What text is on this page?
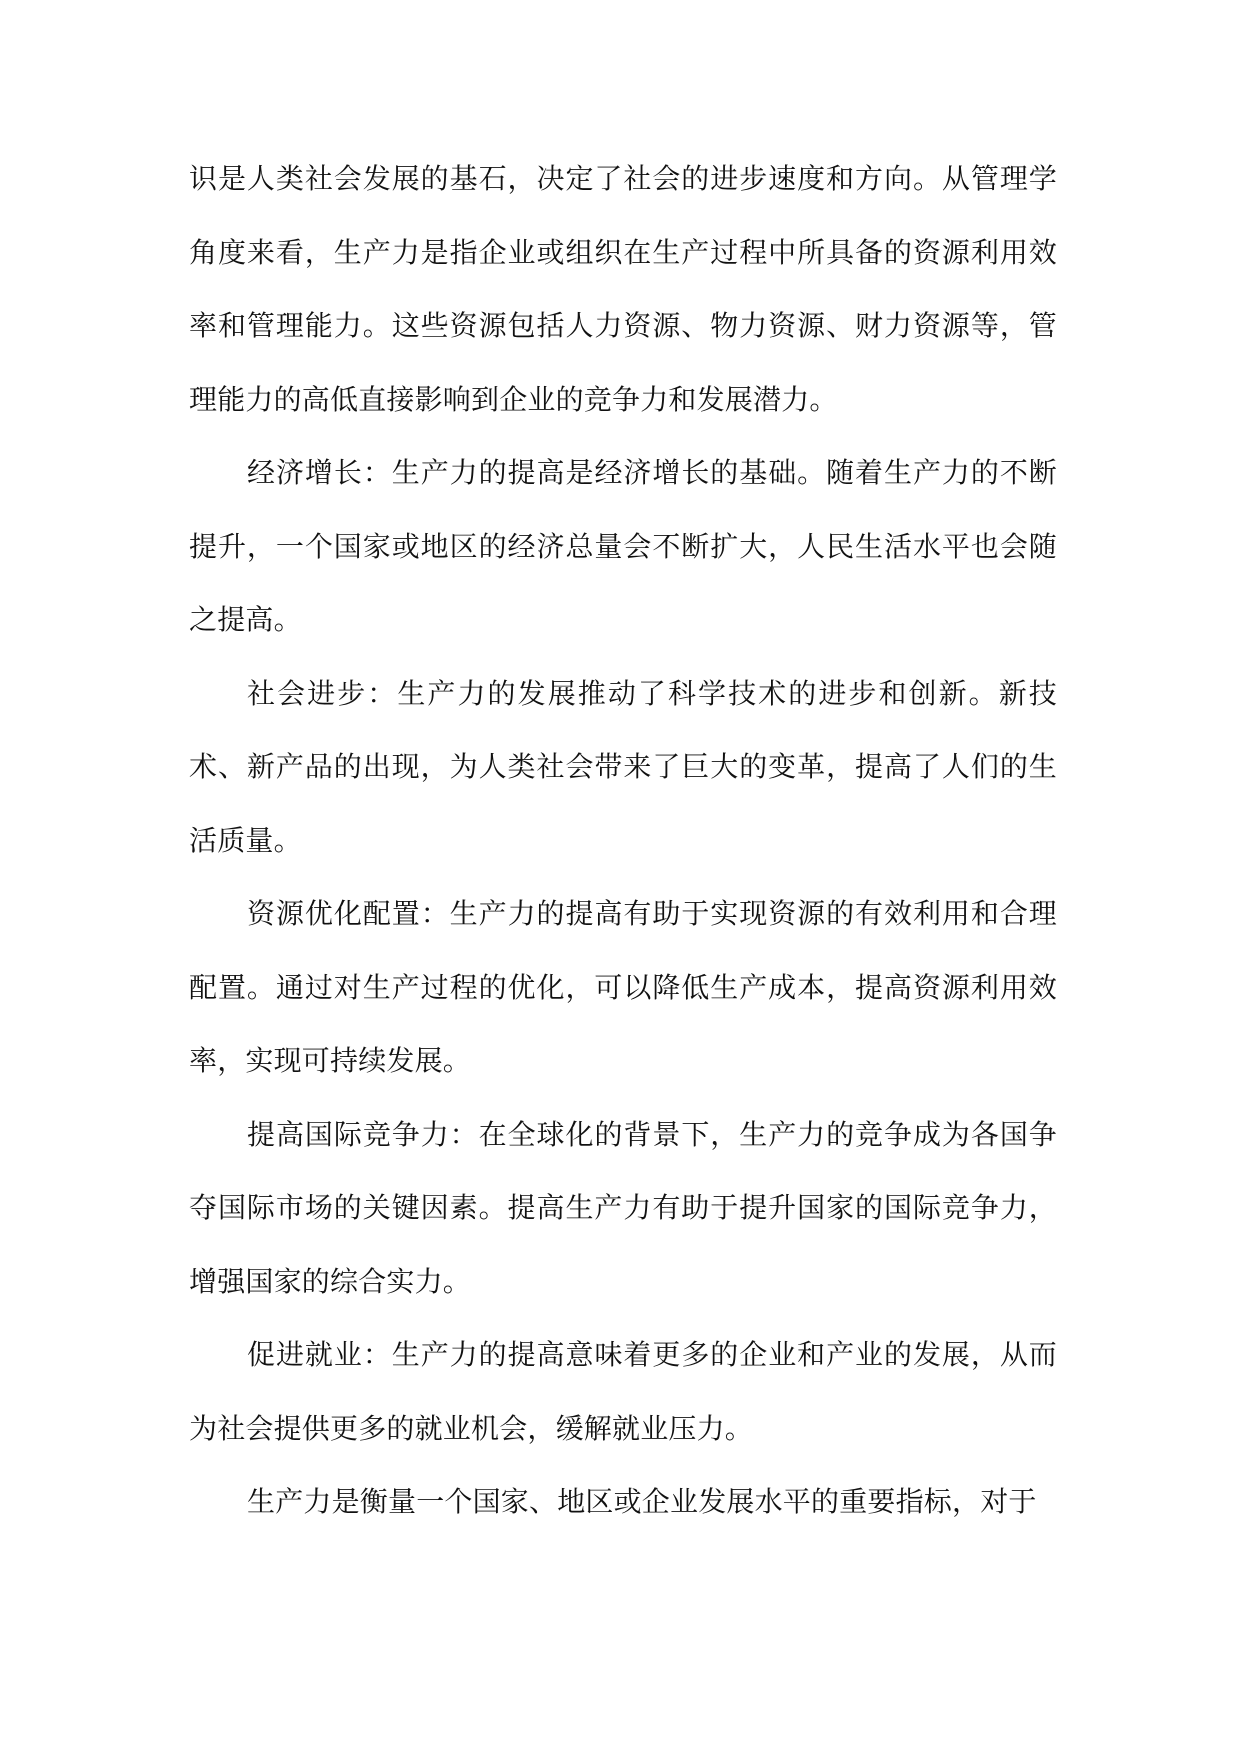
识是人类社会发展的基石，决定了社会的进步速度和方向。从管理学角度来看，生产力是指企业或组织在生产过程中所具备的资源利用效率和管理能力。这些资源包括人力资源、物力资源、财力资源等，管理能力的高低直接影响到企业的竞争力和发展潜力。

经济增长：生产力的提高是经济增长的基础。随着生产力的不断提升，一个国家或地区的经济总量会不断扩大，人民生活水平也会随之提高。

社会进步：生产力的发展推动了科学技术的进步和创新。新技术、新产品的出现，为人类社会带来了巨大的变革，提高了人们的生活质量。

资源优化配置：生产力的提高有助于实现资源的有效利用和合理配置。通过对生产过程的优化，可以降低生产成本，提高资源利用效率，实现可持续发展。

提高国际竞争力：在全球化的背景下，生产力的竞争成为各国争夺国际市场的关键因素。提高生产力有助于提升国家的国际竞争力，增强国家的综合实力。

促进就业：生产力的提高意味着更多的企业和产业的发展，从而为社会提供更多的就业机会，缓解就业压力。

生产力是衡量一个国家、地区或企业发展水平的重要指标，对于
